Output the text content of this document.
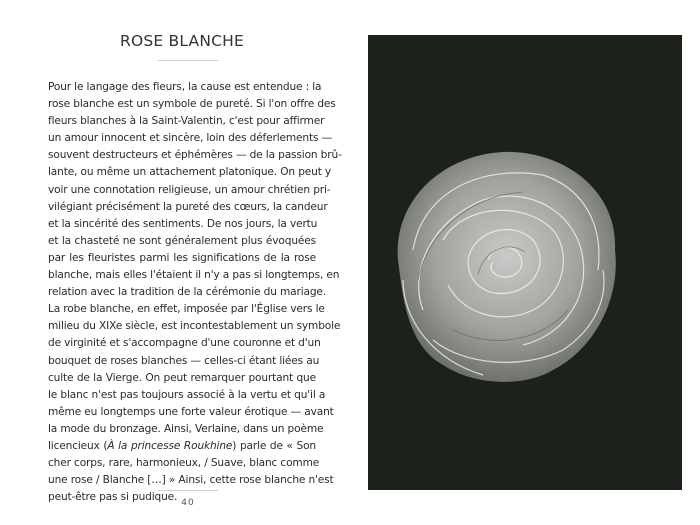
ROSE BLANCHE
Pour le langage des fleurs, la cause est entendue : la
rose blanche est un symbole de pureté. Si l'on offre des
fleurs blanches à la Saint-Valentin, c'est pour affirmer
un amour innocent et sincère, loin des déferlements —
souvent destructeurs et éphémères — de la passion brû-
lante, ou même un attachement platonique. On peut y
voir une connotation religieuse, un amour chrétien pri-
vilégiant précisément la pureté des cœurs, la candeur
et la sincérité des sentiments. De nos jours, la vertu
et la chasteté ne sont généralement plus évoquées
par les fleuristes parmi les significations de la rose
blanche, mais elles l'étaient il n'y a pas si longtemps, en
relation avec la tradition de la cérémonie du mariage.
La robe blanche, en effet, imposée par l'Église vers le
milieu du XIXe siècle, est incontestablement un symbole
de virginité et s'accompagne d'une couronne et d'un
bouquet de roses blanches — celles-ci étant liées au
culte de la Vierge. On peut remarquer pourtant que
le blanc n'est pas toujours associé à la vertu et qu'il a
même eu longtemps une forte valeur érotique — avant
la mode du bronzage. Ainsi, Verlaine, dans un poème
licencieux (À la princesse Roukhine) parle de « Son
cher corps, rare, harmonieux, / Suave, blanc comme
une rose / Blanche […] » Ainsi, cette rose blanche n'est
peut-être pas si pudique. 40
